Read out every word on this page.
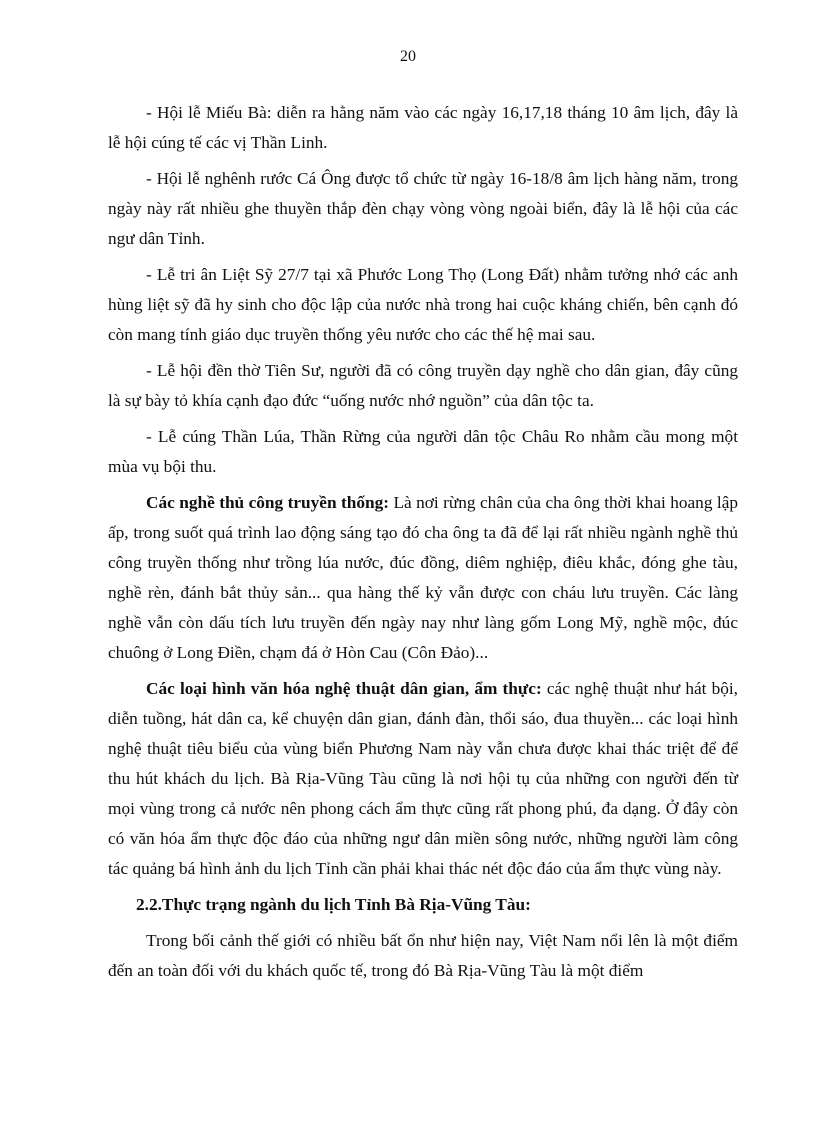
20

- Hội lễ Miếu Bà: diễn ra hằng năm vào các ngày 16,17,18 tháng 10 âm lịch, đây là lễ hội cúng tế các vị Thần Linh.

- Hội lễ nghênh rước Cá Ông được tổ chức từ ngày 16-18/8 âm lịch hàng năm, trong ngày này rất nhiều ghe thuyền thắp đèn chạy vòng vòng ngoài biển, đây là lễ hội của các ngư dân Tỉnh.

- Lễ tri ân Liệt Sỹ 27/7 tại xã Phước Long Thọ (Long Đất) nhằm tưởng nhớ các anh hùng liệt sỹ đã hy sinh cho độc lập của nước nhà trong hai cuộc kháng chiến, bên cạnh đó còn mang tính giáo dục truyền thống yêu nước cho các thế hệ mai sau.

- Lễ hội đền thờ Tiên Sư, người đã có công truyền dạy nghề cho dân gian, đây cũng là sự bày tỏ khía cạnh đạo đức “uống nước nhớ nguồn” của dân tộc ta.

- Lễ cúng Thần Lúa, Thần Rừng của người dân tộc Châu Ro nhằm cầu mong một mùa vụ bội thu.

Các nghề thủ công truyền thống: Là nơi rừng chân của cha ông thời khai hoang lập ấp, trong suốt quá trình lao động sáng tạo đó cha ông ta đã để lại rất nhiều ngành nghề thủ công truyền thống như trồng lúa nước, đúc đồng, diêm nghiệp, điêu khắc, đóng ghe tàu, nghề rèn, đánh bắt thủy sản... qua hàng thế kỷ vẫn được con cháu lưu truyền. Các làng nghề vẫn còn dấu tích lưu truyền đến ngày nay như làng gốm Long Mỹ, nghề mộc, đúc chuông ở Long Điền, chạm đá ở Hòn Cau (Côn Đảo)...

Các loại hình văn hóa nghệ thuật dân gian, ẩm thực: các nghệ thuật như hát bội, diễn tuồng, hát dân ca, kể chuyện dân gian, đánh đàn, thổi sáo, đua thuyền... các loại hình nghệ thuật tiêu biểu của vùng biển Phương Nam này vẫn chưa được khai thác triệt để để thu hút khách du lịch. Bà Rịa-Vũng Tàu cũng là nơi hội tụ của những con người đến từ mọi vùng trong cả nước nên phong cách ẩm thực cũng rất phong phú, đa dạng. Ở đây còn có văn hóa ẩm thực độc đáo của những ngư dân miền sông nước, những người làm công tác quảng bá hình ảnh du lịch Tỉnh cần phải khai thác nét độc đáo của ẩm thực vùng này.

2.2.Thực trạng ngành du lịch Tỉnh Bà Rịa-Vũng Tàu:

Trong bối cảnh thế giới có nhiều bất ổn như hiện nay, Việt Nam nổi lên là một điểm đến an toàn đối với du khách quốc tế, trong đó Bà Rịa-Vũng Tàu là một điểm
